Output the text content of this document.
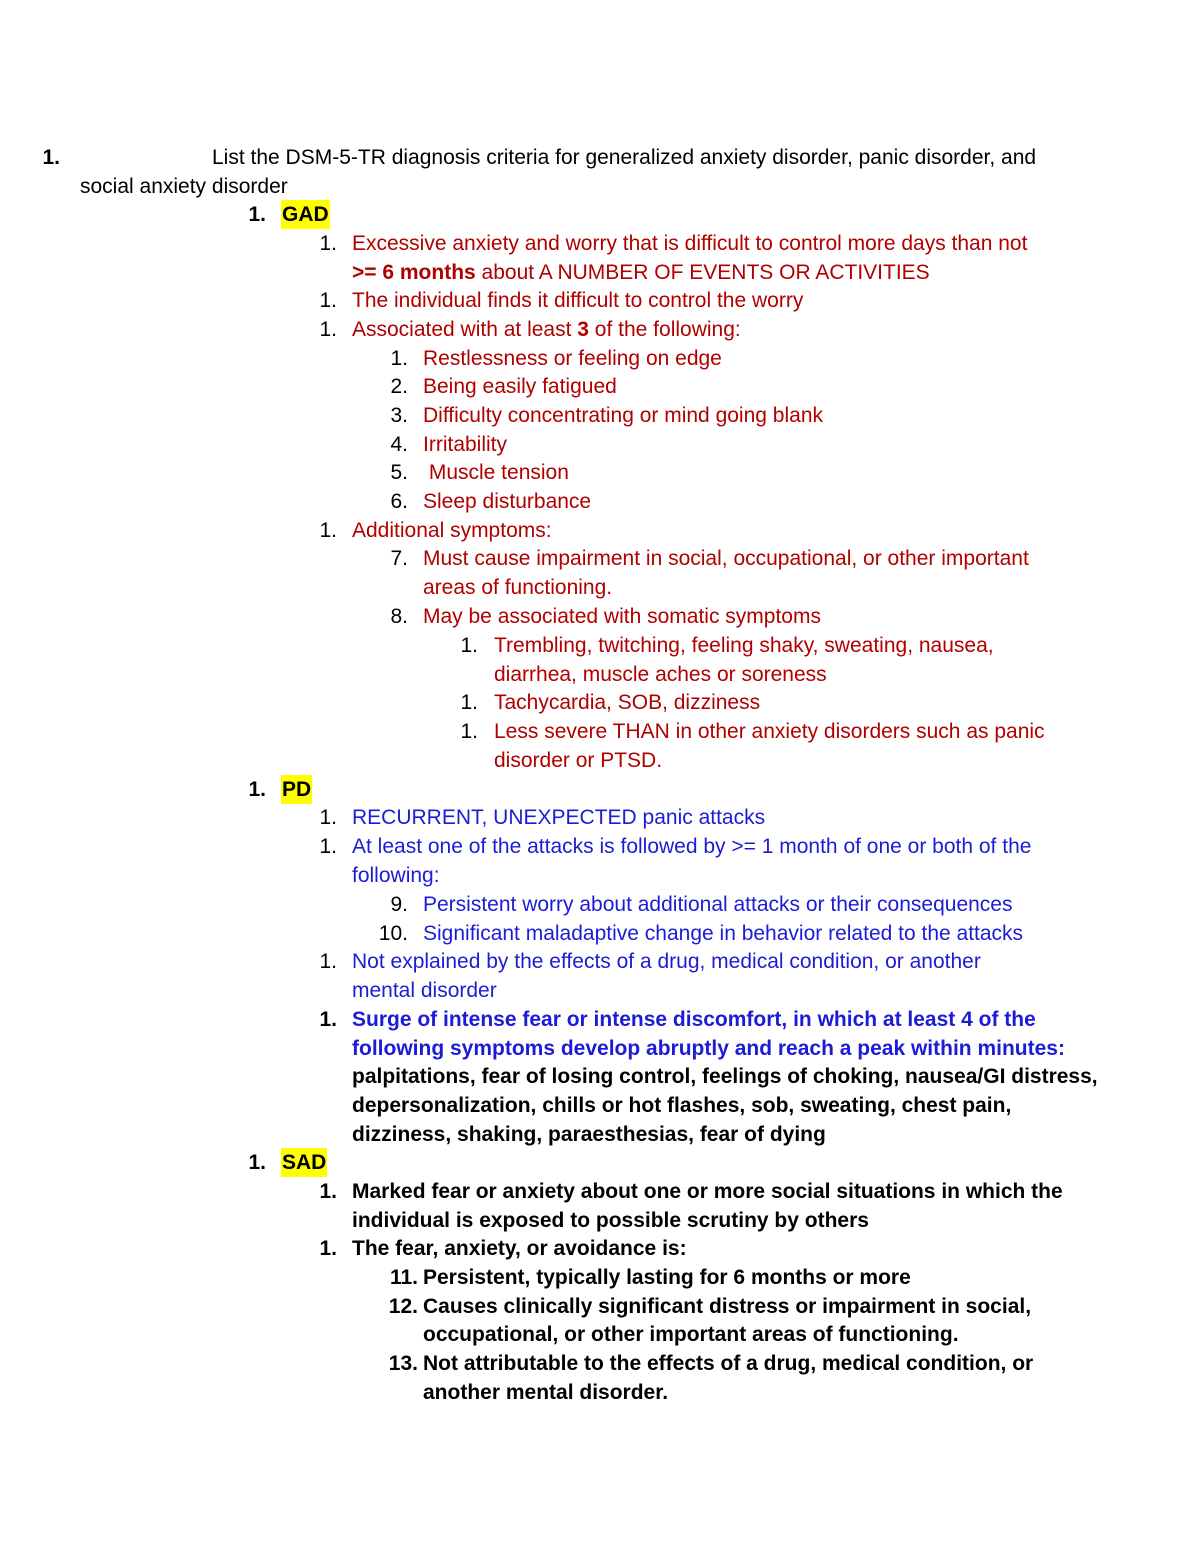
1.	List the DSM-5-TR diagnosis criteria for generalized anxiety disorder, panic disorder, and
social anxiety disorder
1. GAD
1. Excessive anxiety and worry that is difficult to control more days than not
>= 6 months about A NUMBER OF EVENTS OR ACTIVITIES
1. The individual finds it difficult to control the worry
1. Associated with at least 3 of the following:
1. Restlessness or feeling on edge
2. Being easily fatigued
3. Difficulty concentrating or mind going blank
4. Irritability
5. Muscle tension
6. Sleep disturbance
1. Additional symptoms:
7. Must cause impairment in social, occupational, or other important
areas of functioning.
8. May be associated with somatic symptoms
1. Trembling, twitching, feeling shaky, sweating, nausea,
diarrhea, muscle aches or soreness
1. Tachycardia, SOB, dizziness
1. Less severe THAN in other anxiety disorders such as panic
disorder or PTSD.
1. PD
1. RECURRENT, UNEXPECTED panic attacks
1. At least one of the attacks is followed by >= 1 month of one or both of the
following:
9. Persistent worry about additional attacks or their consequences
10. Significant maladaptive change in behavior related to the attacks
1. Not explained by the effects of a drug, medical condition, or another
mental disorder
1. Surge of intense fear or intense discomfort, in which at least 4 of the
following symptoms develop abruptly and reach a peak within minutes:
palpitations, fear of losing control, feelings of choking, nausea/GI distress,
depersonalization, chills or hot flashes, sob, sweating, chest pain,
dizziness, shaking, paraesthesias, fear of dying
1. SAD
1. Marked fear or anxiety about one or more social situations in which the
individual is exposed to possible scrutiny by others
1. The fear, anxiety, or avoidance is:
11. Persistent, typically lasting for 6 months or more
12. Causes clinically significant distress or impairment in social,
occupational, or other important areas of functioning.
13. Not attributable to the effects of a drug, medical condition, or
another mental disorder.
